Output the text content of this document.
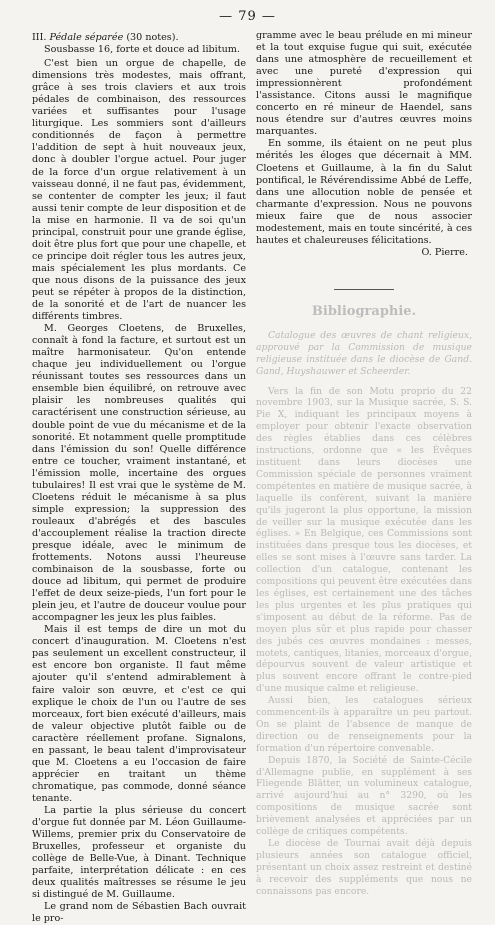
— 79 —

III. Pédale séparée (30 notes).

Sousbasse 16, forte et douce ad libitum.

C'est bien un orgue de chapelle, de dimensions très modestes, mais offrant, grâce à ses trois claviers et aux trois pédales de combinaison, des ressources variées et suffisantes pour l'usage liturgique. Les sommiers sont d'ailleurs conditionnés de façon à permettre l'addition de sept à huit nouveaux jeux, donc à doubler l'orgue actuel. Pour juger de la force d'un orgue relativement à un vaisseau donné, il ne faut pas, évidemment, se contenter de compter les jeux; il faut aussi tenir compte de leur disposition et de la mise en harmonie. Il va de soi qu'un principal, construit pour une grande église, doit être plus fort que pour une chapelle, et ce principe doit régler tous les autres jeux, mais spécialement les plus mordants. Ce que nous disons de la puissance des jeux peut se répéter à propos de la distinction, de la sonorité et de l'art de nuancer les différents timbres.

M. Georges Cloetens, de Bruxelles, connaît à fond la facture, et surtout est un maître harmonisateur. Qu'on entende chaque jeu individuellement ou l'orgue réunissant toutes ses ressources dans un ensemble bien équilibré, on retrouve avec plaisir les nombreuses qualités qui caractérisent une construction sérieuse, au double point de vue du mécanisme et de la sonorité. Et notamment quelle promptitude dans l'émission du son! Quelle différence entre ce toucher, vraiment instantané, et l'émission molle, incertaine des orgues tubulaires! Il est vrai que le système de M. Cloetens réduit le mécanisme à sa plus simple expression; la suppression des rouleaux d'abrégés et des bascules d'accouplement réalise la traction directe presque idéale, avec le minimum de frottements. Notons aussi l'heureuse combinaison de la sousbasse, forte ou douce ad libitum, qui permet de produire l'effet de deux seize-pieds, l'un fort pour le plein jeu, et l'autre de douceur voulue pour accompagner les jeux les plus faibles.

Mais il est temps de dire un mot du concert d'inauguration. M. Cloetens n'est pas seulement un excellent constructeur, il est encore bon organiste. Il faut même ajouter qu'il s'entend admirablement à faire valoir son œuvre, et c'est ce qui explique le choix de l'un ou l'autre de ses morceaux, fort bien exécuté d'ailleurs, mais de valeur objective plutôt faible ou de caractère réellement profane. Signalons, en passant, le beau talent d'improvisateur que M. Cloetens a eu l'occasion de faire apprécier en traitant un thème chromatique, pas commode, donné séance tenante.

La partie la plus sérieuse du concert d'orgue fut donnée par M. Léon Guillaume-Willems, premier prix du Conservatoire de Bruxelles, professeur et organiste du collège de Belle-Vue, à Dinant. Technique parfaite, interprétation délicate : en ces deux qualités maîtresses se résume le jeu si distingué de M. Guillaume.

Le grand nom de Sébastien Bach ouvrait le pro-

gramme avec le beau prélude en mi mineur et la tout exquise fugue qui suit, exécutée dans une atmosphère de recueillement et avec une pureté d'expression qui impressionnèrent profondément l'assistance. Citons aussi le magnifique concerto en ré mineur de Haendel, sans nous étendre sur d'autres œuvres moins marquantes.

En somme, ils étaient on ne peut plus mérités les éloges que décernait à MM. Cloetens et Guillaume, à la fin du Salut pontifical, le Révérendissime Abbé de Leffe, dans une allocution noble de pensée et charmante d'expression. Nous ne pouvons mieux faire que de nous associer modestement, mais en toute sincérité, à ces hautes et chaleureuses félicitations.

O. Pierre.

Bibliographie.

Catalogue des œuvres de chant religieux, approuvé par la Commission de musique religieuse instituée dans le diocèse de Gand. Gand, Huyshauwer et Scheerder.

Vers la fin de son Motu proprio du 22 novembre 1903, sur la Musique sacrée, S. S. Pie X, indiquant les principaux moyens à employer pour obtenir l'exacte observation des règles établies dans ces célèbres instructions, ordonne que « les Évêques instituent dans leurs diocèses une Commission spéciale de personnes vraiment compétentes en matière de musique sacrée, à laquelle ils confèrent, suivant la manière qu'ils jugeront la plus opportune, la mission de veiller sur la musique exécutée dans les églises. » En Belgique, ces Commissions sont instituées dans presque tous les diocèses, et elles se sont mises à l'œuvre sans tarder. La collection d'un catalogue, contenant les compositions qui peuvent être exécutées dans les églises, est certainement une des tâches les plus urgentes et les plus pratiques qui s'imposent au début de la réforme. Pas de moyen plus sûr et plus rapide pour chasser des jubés ces œuvres mondaines : messes, motets, cantiques, litanies, morceaux d'orgue, dépourvus souvent de valeur artistique et plus souvent encore offrant le contre-pied d'une musique calme et religieuse.

Aussi bien, les catalogues sérieux commencent-ils à apparaître un peu partout. On se plaint de l'absence de manque de direction ou de renseignements pour la formation d'un répertoire convenable.

Depuis 1870, la Société de Sainte-Cécile d'Allemagne publie, en supplément à ses Fliegende Blätter, un volumineux catalogue, arrivé aujourd'hui au n° 3290, où les compositions de musique sacrée sont brièvement analysées et appréciées par un collège de critiques compétents.

Le diocèse de Tournai avait déjà depuis plusieurs années son catalogue officiel, présentant un choix assez restreint et destiné à recevoir des suppléments que nous ne connaissons pas encore.
